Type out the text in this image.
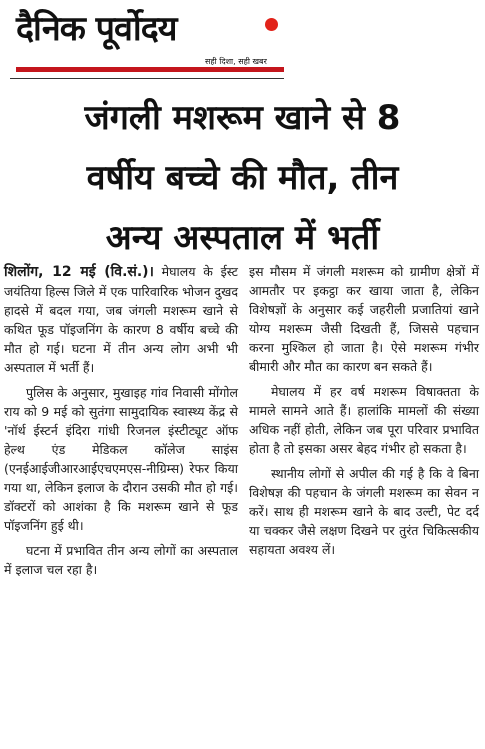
दैनिक पूर्वोदय
सही दिशा, सही खबर
जंगली मशरूम खाने से 8
वर्षीय बच्चे की मौत, तीन
अन्य अस्पताल में भर्ती

शिलोंग, 12 मई (वि.सं.)। मेघालय के ईस्ट जयंतिया हिल्स जिले में एक पारिवारिक भोजन दुखद हादसे में बदल गया, जब जंगली मशरूम खाने से कथित फूड पॉइजनिंग के कारण 8 वर्षीय बच्चे की मौत हो गई। घटना में तीन अन्य लोग अभी भी अस्पताल में भर्ती हैं।

पुलिस के अनुसार, मुखाइह गांव निवासी मोंगोल राय को 9 मई को सुतंगा सामुदायिक स्वास्थ्य केंद्र से 'नॉर्थ ईस्टर्न इंदिरा गांधी रिजनल इंस्टीट्यूट ऑफ हेल्थ एंड मेडिकल कॉलेज साइंस (एनईआईजीआरआईएचएमएस-नीग्रिम्स) रेफर किया गया था, लेकिन इलाज के दौरान उसकी मौत हो गई। डॉक्टरों को आशंका है कि मशरूम खाने से फूड पॉइजनिंग हुई थी।

घटना में प्रभावित तीन अन्य लोगों का अस्पताल में इलाज चल रहा है।

इस मौसम में जंगली मशरूम को ग्रामीण क्षेत्रों में आमतौर पर इकट्ठा कर खाया जाता है, लेकिन विशेषज्ञों के अनुसार कई जहरीली प्रजातियां खाने योग्य मशरूम जैसी दिखती हैं, जिससे पहचान करना मुश्किल हो जाता है। ऐसे मशरूम गंभीर बीमारी और मौत का कारण बन सकते हैं।

मेघालय में हर वर्ष मशरूम विषाक्तता के मामले सामने आते हैं। हालांकि मामलों की संख्या अधिक नहीं होती, लेकिन जब पूरा परिवार प्रभावित होता है तो इसका असर बेहद गंभीर हो सकता है।

स्थानीय लोगों से अपील की गई है कि वे बिना विशेषज्ञ की पहचान के जंगली मशरूम का सेवन न करें। साथ ही मशरूम खाने के बाद उल्टी, पेट दर्द या चक्कर जैसे लक्षण दिखने पर तुरंत चिकित्सकीय सहायता अवश्य लें।
